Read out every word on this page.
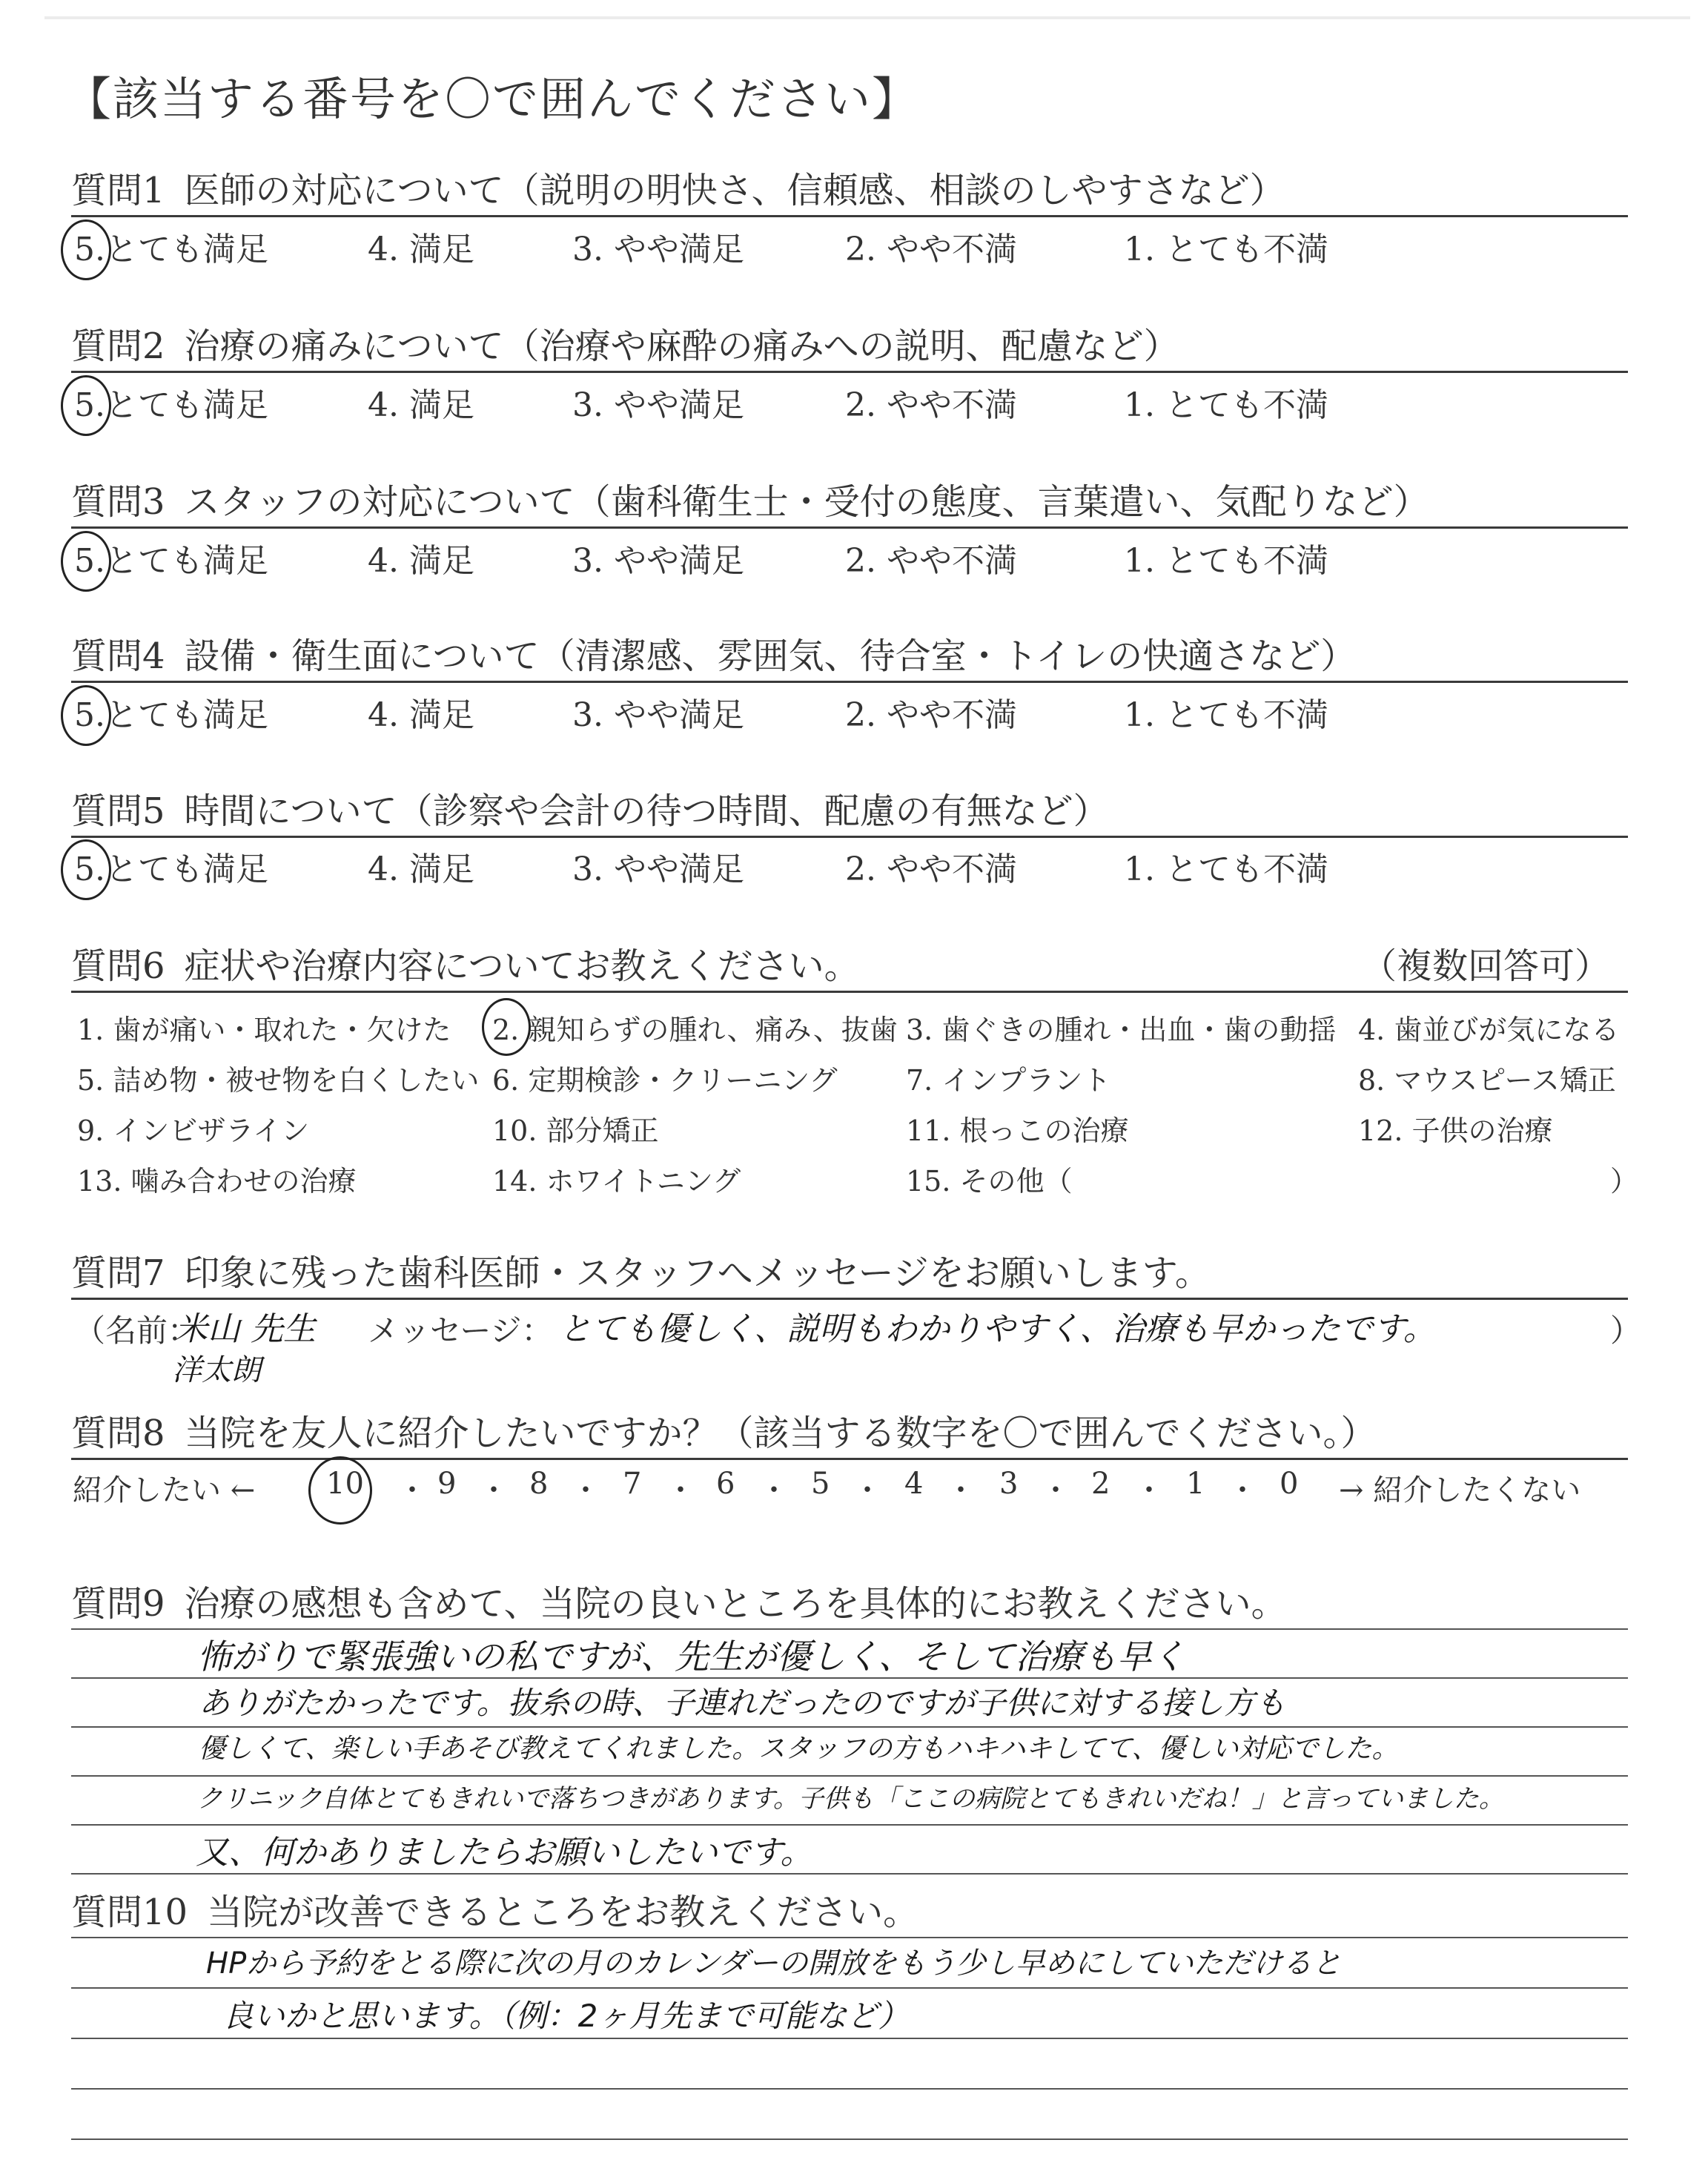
【該当する番号を〇で囲んでください】
質問1 医師の対応について（説明の明快さ、信頼感、相談のしやすさなど）
5.とても満足	4. 満足	3. やや満足	2. やや不満	1. とても不満
質問2 治療の痛みについて（治療や麻酔の痛みへの説明、配慮など）
5.とても満足	4. 満足	3. やや満足	2. やや不満	1. とても不満
質問3 スタッフの対応について（歯科衛生士・受付の態度、言葉遣い、気配りなど）
5.とても満足	4. 満足	3. やや満足	2. やや不満	1. とても不満
質問4 設備・衛生面について（清潔感、雰囲気、待合室・トイレの快適さなど）
5.とても満足	4. 満足	3. やや満足	2. やや不満	1. とても不満
質問5 時間について（診察や会計の待つ時間、配慮の有無など）
5.とても満足	4. 満足	3. やや満足	2. やや不満	1. とても不満
質問6 症状や治療内容についてお教えください。	（複数回答可）
1. 歯が痛い・取れた・欠けた 2. 親知らずの腫れ、痛み、抜歯 3. 歯ぐきの腫れ・出血・歯の動揺 4. 歯並びが気になる
5. 詰め物・被せ物を白くしたい 6. 定期検診・クリーニング 7. インプラント	8. マウスピース矯正
9. インビザライン	10. 部分矯正	11. 根っこの治療	12. 子供の治療
13. 噛み合わせの治療	14. ホワイトニング	15. その他（	）
質問7 印象に残った歯科医師・スタッフへメッセージをお願いします。
（名前：
米山 先生
洋太朗
メッセージ： とても優しく、説明もわかりやすく、治療も早かったです。	）
質問8 当院を友人に紹介したいですか？（該当する数字を〇で囲んでください。）
紹介したい ← 10 ・ 9 ・ 8 ・ 7 ・ 6 ・ 5 ・ 4 ・ 3 ・ 2 ・ 1 ・ 0 → 紹介したくない
質問9 治療の感想も含めて、当院の良いところを具体的にお教えください。
怖がりで緊張強いの私ですが、先生が優しく、そして治療も早く
ありがたかったです。抜糸の時、子連れだったのですが子供に対する接し方も
優しくて、楽しい手あそび教えてくれました。スタッフの方もハキハキしてて、優しい対応でした。
クリニック自体とてもきれいで落ちつきがあります。子供も「ここの病院とてもきれいだね！」と言っていました。
又、何かありましたらお願いしたいです。
質問10 当院が改善できるところをお教えください。
HPから予約をとる際に次の月のカレンダーの開放をもう少し早めにしていただけると
良いかと思います。（例：2ヶ月先まで可能など）
